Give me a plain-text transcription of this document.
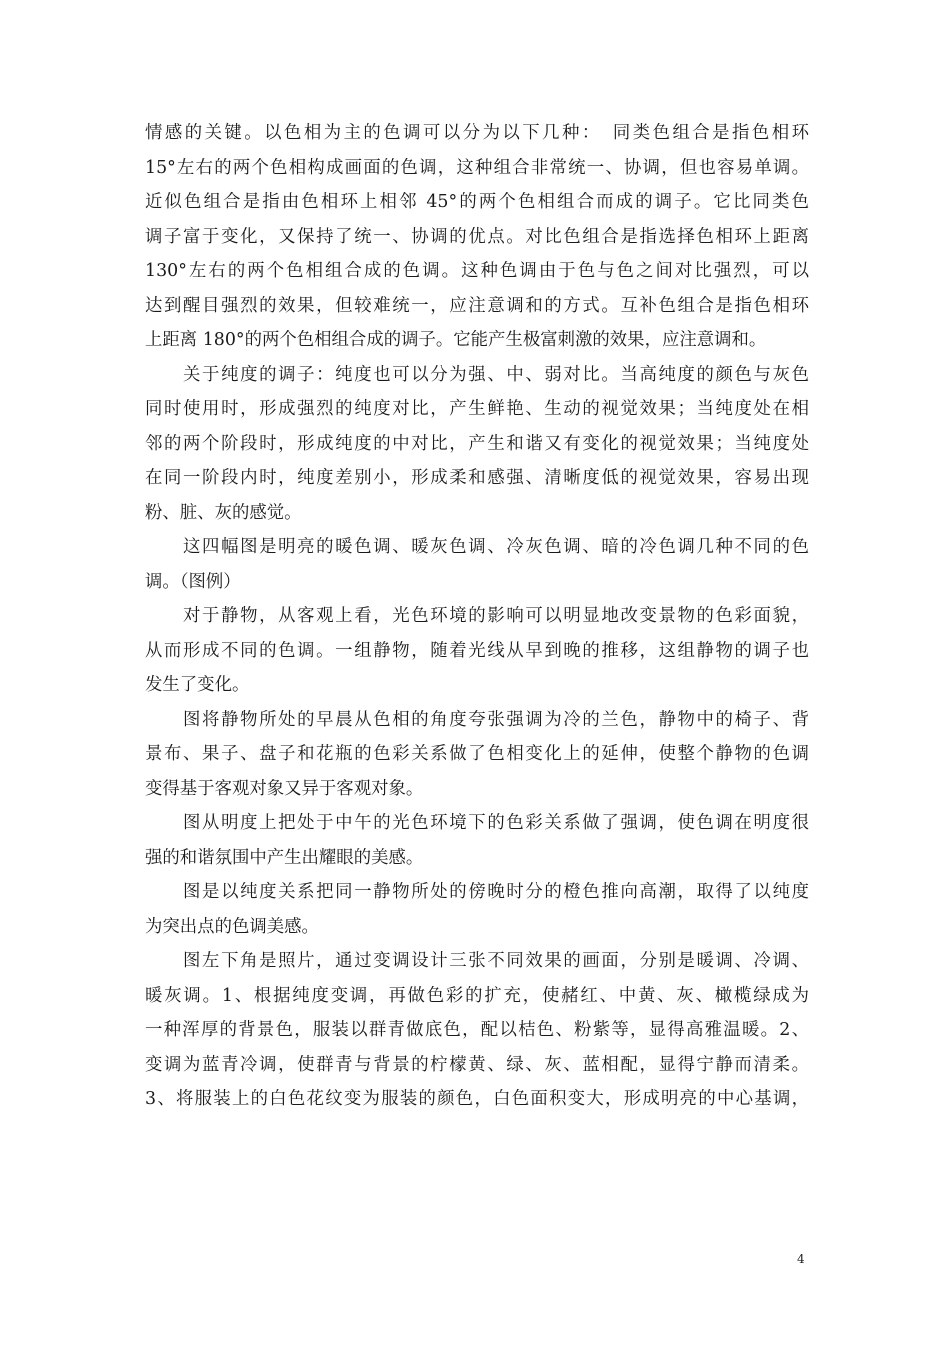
情感的关键。以色相为主的色调可以分为以下几种：　同类色组合是指色相环
15°左右的两个色相构成画面的色调，这种组合非常统一、协调，但也容易单调。
近似色组合是指由色相环上相邻 45°的两个色相组合而成的调子。它比同类色
调子富于变化，又保持了统一、协调的优点。对比色组合是指选择色相环上距离
130°左右的两个色相组合成的色调。这种色调由于色与色之间对比强烈，可以
达到醒目强烈的效果，但较难统一，应注意调和的方式。互补色组合是指色相环
上距离 180°的两个色相组合成的调子。它能产生极富刺激的效果，应注意调和。
　　关于纯度的调子：纯度也可以分为强、中、弱对比。当高纯度的颜色与灰色
同时使用时，形成强烈的纯度对比，产生鲜艳、生动的视觉效果；当纯度处在相
邻的两个阶段时，形成纯度的中对比，产生和谐又有变化的视觉效果；当纯度处
在同一阶段内时，纯度差别小，形成柔和感强、清晰度低的视觉效果，容易出现
粉、脏、灰的感觉。
　　这四幅图是明亮的暖色调、暖灰色调、冷灰色调、暗的冷色调几种不同的色
调。（图例）
　　对于静物，从客观上看，光色环境的影响可以明显地改变景物的色彩面貌，
从而形成不同的色调。一组静物，随着光线从早到晚的推移，这组静物的调子也
发生了变化。
　　图将静物所处的早晨从色相的角度夸张强调为冷的兰色，静物中的椅子、背
景布、果子、盘子和花瓶的色彩关系做了色相变化上的延伸，使整个静物的色调
变得基于客观对象又异于客观对象。
　　图从明度上把处于中午的光色环境下的色彩关系做了强调，使色调在明度很
强的和谐氛围中产生出耀眼的美感。
　　图是以纯度关系把同一静物所处的傍晚时分的橙色推向高潮，取得了以纯度
为突出点的色调美感。
　　图左下角是照片，通过变调设计三张不同效果的画面，分别是暖调、冷调、
暖灰调。1、根据纯度变调，再做色彩的扩充，使赭红、中黄、灰、橄榄绿成为
一种浑厚的背景色，服装以群青做底色，配以桔色、粉紫等，显得高雅温暖。2、
变调为蓝青冷调，使群青与背景的柠檬黄、绿、灰、蓝相配，显得宁静而清柔。
3、将服装上的白色花纹变为服装的颜色，白色面积变大，形成明亮的中心基调，
4
